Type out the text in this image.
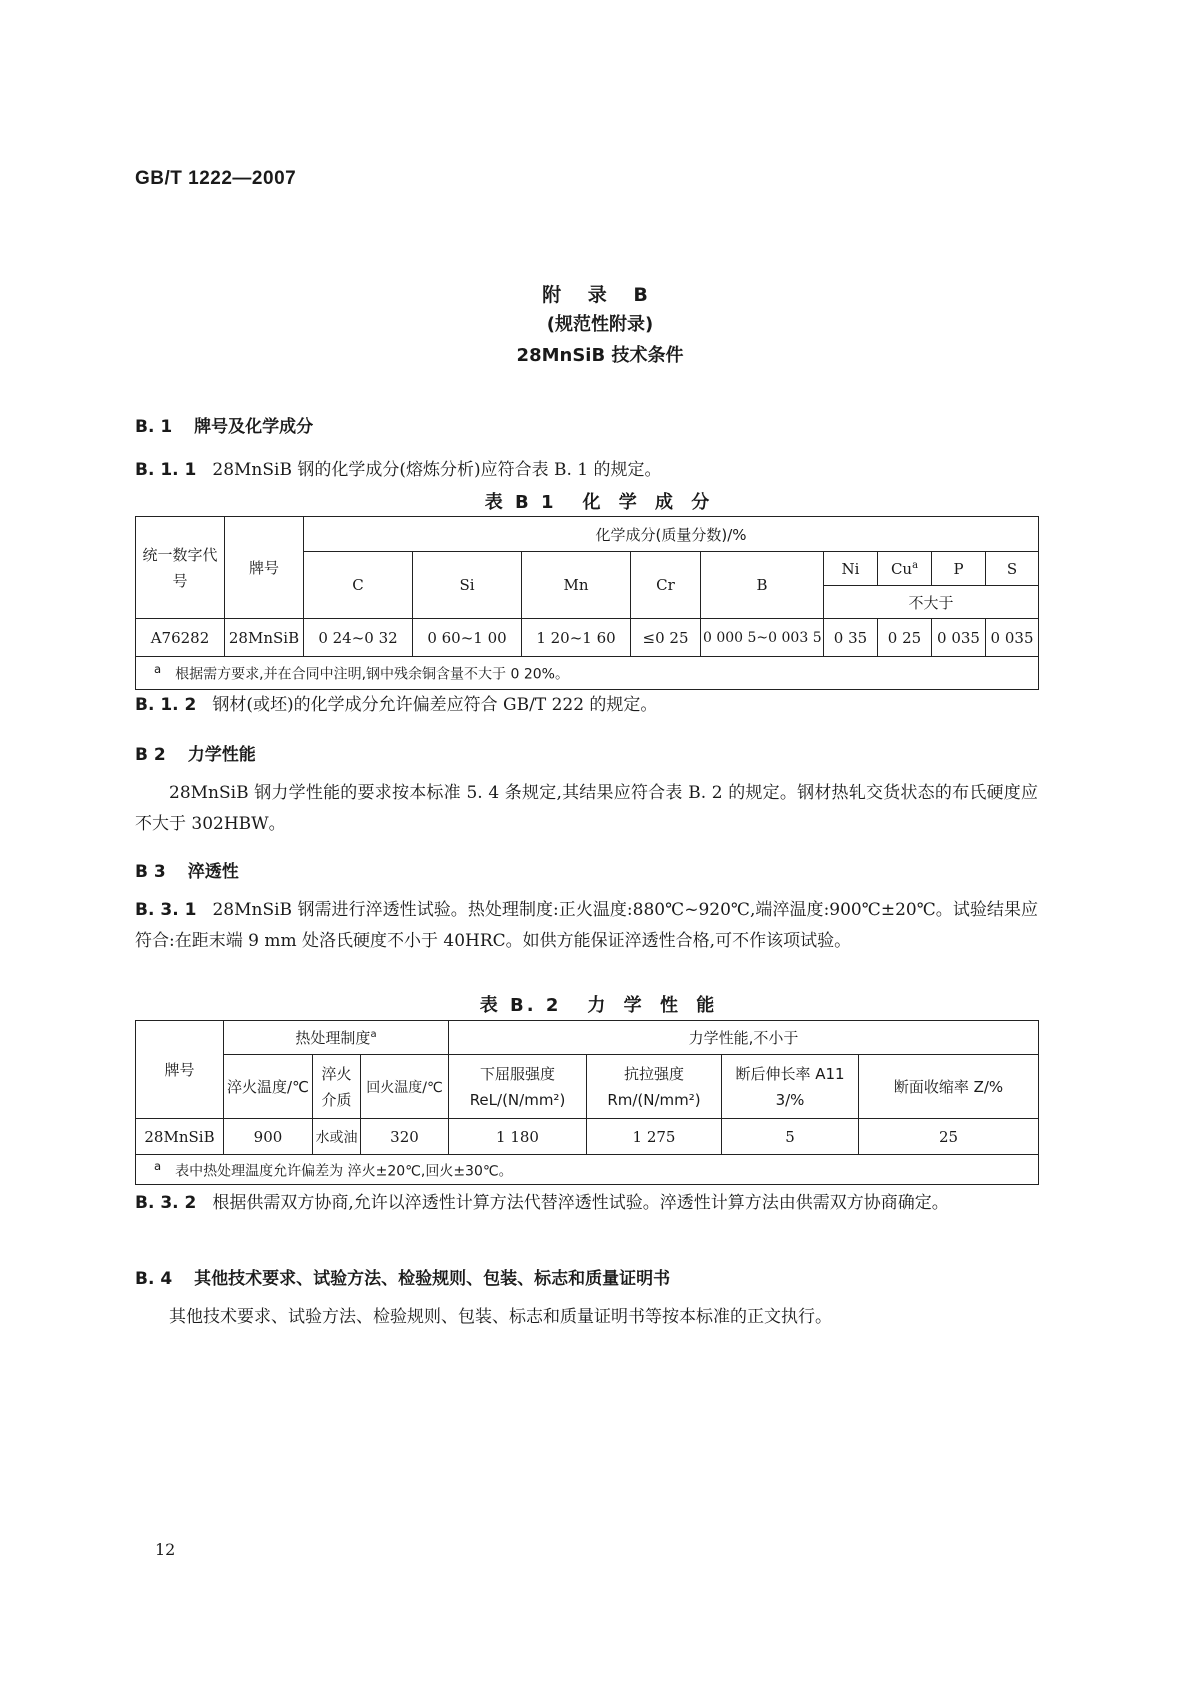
GB/T 1222—2007
附 录 B
(规范性附录)
28MnSiB 技术条件
B. 1 牌号及化学成分
B. 1. 1 28MnSiB 钢的化学成分(熔炼分析)应符合表 B. 1 的规定。
表 B 1 化 学 成 分
统一数字代号	牌号	化学成分(质量分数)/%								
		C	Si	Mn	Cr	B	Ni	Cu$^a$	P	S
							不大于			
A76282	28MnSiB	0 24~0 32	0 60~1 00	1 20~1 60	≤0 25	0 000 5~0 003 5	0 35	0 25	0 035	0 035
$^a$ 根据需方要求,并在合同中注明,钢中残余铜含量不大于 0 20%。										
B. 1. 2 钢材(或坯)的化学成分允许偏差应符合 GB/T 222 的规定。
B 2 力学性能
28MnSiB 钢力学性能的要求按本标准 5. 4 条规定,其结果应符合表 B. 2 的规定。钢材热轧交货状态的布氏硬度应不大于 302HBW。
B 3 淬透性
B. 3. 1 28MnSiB 钢需进行淬透性试验。热处理制度:正火温度:880℃~920℃,端淬温度:900℃±20℃。试验结果应符合:在距末端 9 mm 处洛氏硬度不小于 40HRC。如供方能保证淬透性合格,可不作该项试验。
表 B. 2 力 学 性 能
牌号	热处理制度$^a$			力学性能,不小于			
	淬火温度/℃	淬火介质	回火温度/℃	下屈服强度 ReL/(N/mm²)	抗拉强度 Rm/(N/mm²)	断后伸长率 A11 3/%	断面收缩率 Z/%
28MnSiB	900	水或油	320	1 180	1 275	5	25
$^a$ 表中热处理温度允许偏差为 淬火±20℃,回火±30℃。							
B. 3. 2 根据供需双方协商,允许以淬透性计算方法代替淬透性试验。淬透性计算方法由供需双方协商确定。
B. 4 其他技术要求、试验方法、检验规则、包装、标志和质量证明书
其他技术要求、试验方法、检验规则、包装、标志和质量证明书等按本标准的正文执行。
12
